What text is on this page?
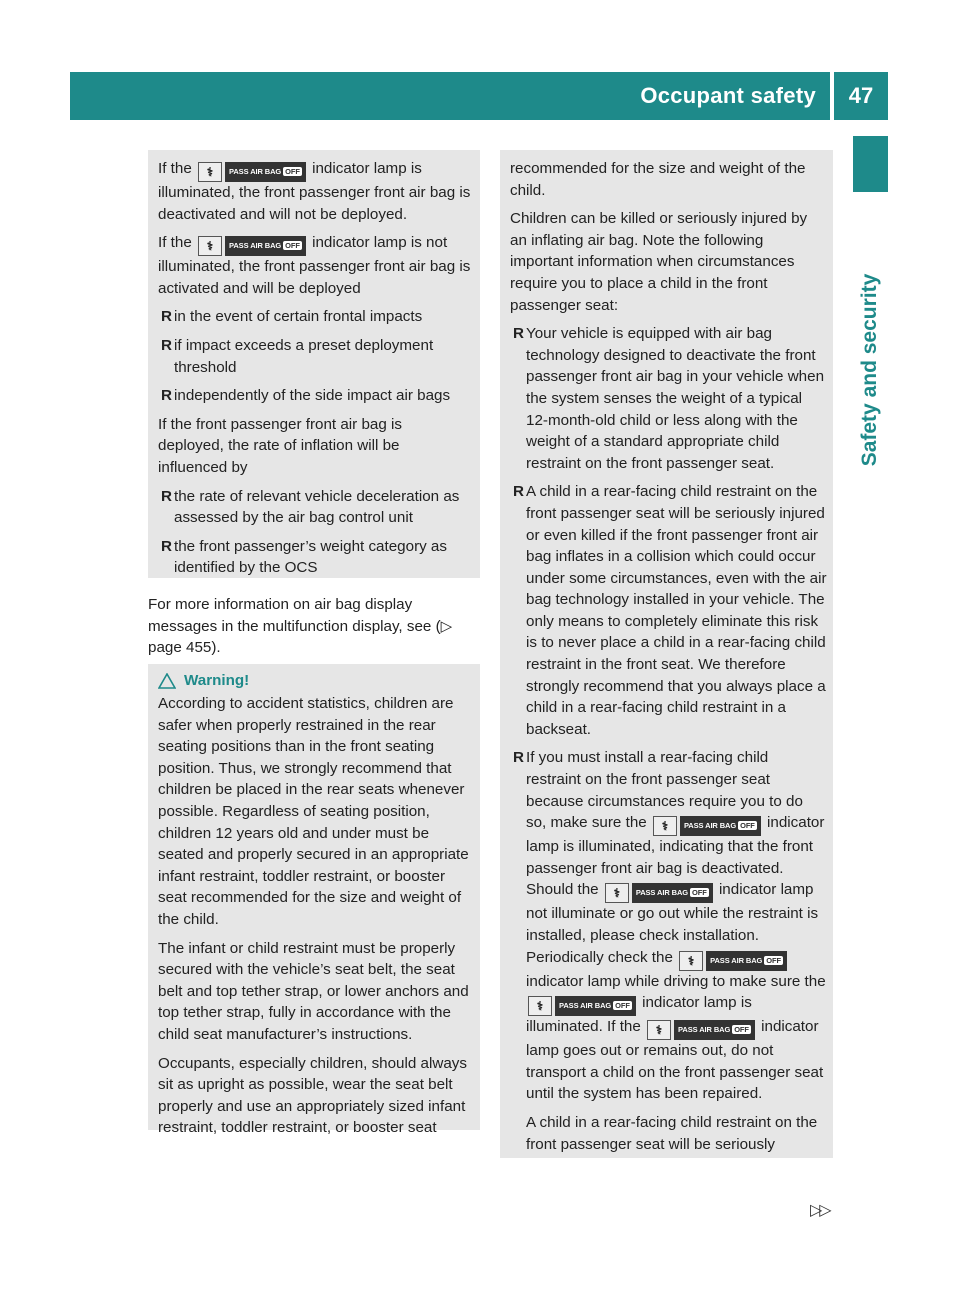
Occupant safety 47
Safety and security

If the	⚕	PASS AIR BAG OFF indicator lamp is illuminated, the front passenger front air bag is deactivated and will not be deployed.

If the	⚕	PASS AIR BAG OFF indicator lamp is not illuminated, the front passenger front air bag is activated and will be deployed

R in the event of certain frontal impacts
R if impact exceeds a preset deployment threshold
R independently of the side impact air bags

If the front passenger front air bag is deployed, the rate of inflation will be influenced by

R the rate of relevant vehicle deceleration as assessed by the air bag control unit
R the front passenger’s weight category as identified by the OCS
For more information on air bag display messages in the multifunction display, see (▷ page 455).
Warning!

According to accident statistics, children are safer when properly restrained in the rear seating positions than in the front seating position. Thus, we strongly recommend that children be placed in the rear seats whenever possible. Regardless of seating position, children 12 years old and under must be seated and properly secured in an appropriate infant restraint, toddler restraint, or booster seat recommended for the size and weight of the child.

The infant or child restraint must be properly secured with the vehicle’s seat belt, the seat belt and top tether strap, or lower anchors and top tether strap, fully in accordance with the child seat manufacturer’s instructions.

Occupants, especially children, should always sit as upright as possible, wear the seat belt properly and use an appropriately sized infant restraint, toddler restraint, or booster seat

recommended for the size and weight of the child.

Children can be killed or seriously injured by an inflating air bag. Note the following important information when circumstances require you to place a child in the front passenger seat:

R Your vehicle is equipped with air bag technology designed to deactivate the front passenger front air bag in your vehicle when the system senses the weight of a typical 12-month-old child or less along with the weight of a standard appropriate child restraint on the front passenger seat.
R A child in a rear-facing child restraint on the front passenger seat will be seriously injured or even killed if the front passenger front air bag inflates in a collision which could occur under some circumstances, even with the air bag technology installed in your vehicle. The only means to completely eliminate this risk is to never place a child in a rear-facing child restraint in the front seat. We therefore strongly recommend that you always place a child in a rear-facing child restraint in a backseat.
R If you must install a rear-facing child restraint on the front passenger seat because circumstances require you to do so, make sure the	⚕	PASS AIR BAG OFF indicator lamp is illuminated, indicating that the front passenger front air bag is deactivated. Should the	⚕	PASS AIR BAG OFF indicator lamp not illuminate or go out while the restraint is installed, please check installation. Periodically check the	⚕	PASS AIR BAG OFF
indicator lamp while driving to make sure the
⚕	PASS AIR BAG OFF indicator lamp is illuminated. If the	⚕	PASS AIR BAG OFF indicator lamp goes out or remains out, do not transport a child on the front passenger seat until the system has been repaired.
A child in a rear-facing child restraint on the front passenger seat will be seriously
▷▷
